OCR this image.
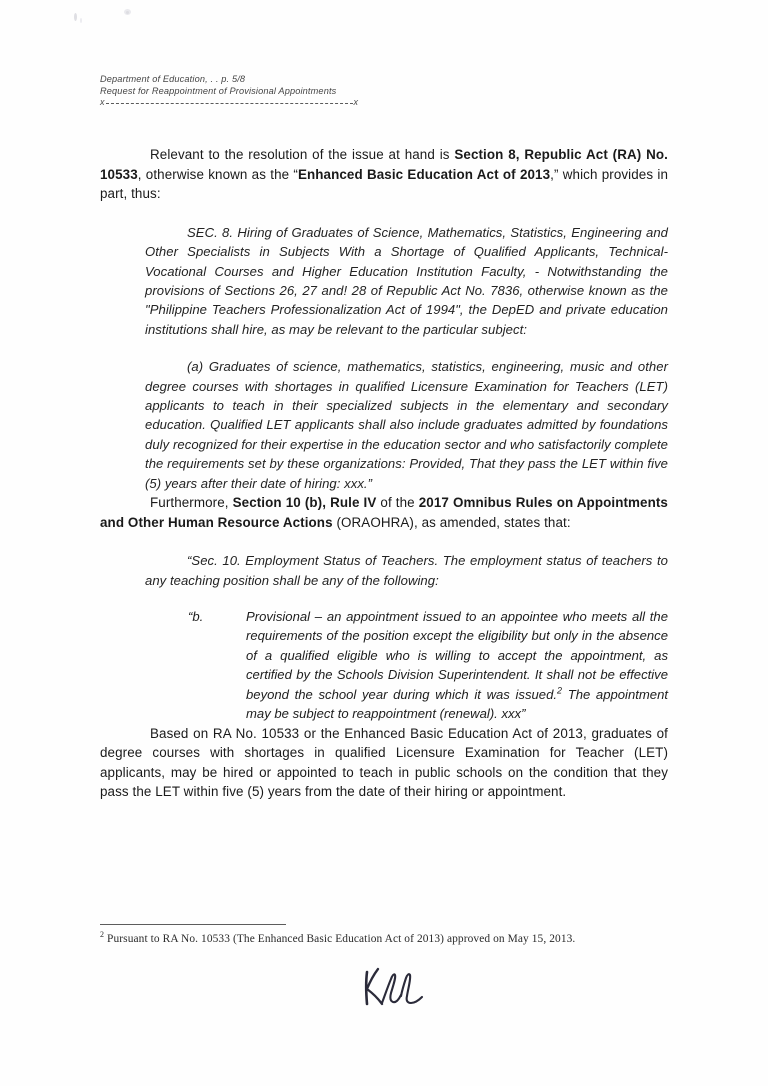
Department of Education, . . p. 5/8
Request for Reappointment of Provisional Appointments
x	x

Relevant to the resolution of the issue at hand is Section 8, Republic Act (RA) No. 10533, otherwise known as the “Enhanced Basic Education Act of 2013,” which provides in part, thus:

SEC. 8. Hiring of Graduates of Science, Mathematics, Statistics, Engineering and Other Specialists in Subjects With a Shortage of Qualified Applicants, Technical- Vocational Courses and Higher Education Institution Faculty, - Notwithstanding the provisions of Sections 26, 27 and! 28 of Republic Act No. 7836, otherwise known as the "Philippine Teachers Professionalization Act of 1994", the DepED and private education institutions shall hire, as may be relevant to the particular subject:

(a) Graduates of science, mathematics, statistics, engineering, music and other degree courses with shortages in qualified Licensure Examination for Teachers (LET) applicants to teach in their specialized subjects in the elementary and secondary education. Qualified LET applicants shall also include graduates admitted by foundations duly recognized for their expertise in the education sector and who satisfactorily complete the requirements set by these organizations: Provided, That they pass the LET within five (5) years after their date of hiring: xxx.”

Furthermore, Section 10 (b), Rule IV of the 2017 Omnibus Rules on Appointments and Other Human Resource Actions (ORAOHRA), as amended, states that:

“Sec. 10. Employment Status of Teachers. The employment status of teachers to any teaching position shall be any of the following:

“b.	Provisional – an appointment issued to an appointee who meets all the requirements of the position except the eligibility but only in the absence of a qualified eligible who is willing to accept the appointment, as certified by the Schools Division Superintendent. It shall not be effective beyond the school year during which it was issued.$^2$ The appointment may be subject to reappointment (renewal). xxx”

Based on RA No. 10533 or the Enhanced Basic Education Act of 2013, graduates of degree courses with shortages in qualified Licensure Examination for Teacher (LET) applicants, may be hired or appointed to teach in public schools on the condition that they pass the LET within five (5) years from the date of their hiring or appointment.

$^2$ Pursuant to RA No. 10533 (The Enhanced Basic Education Act of 2013) approved on May 15, 2013.
